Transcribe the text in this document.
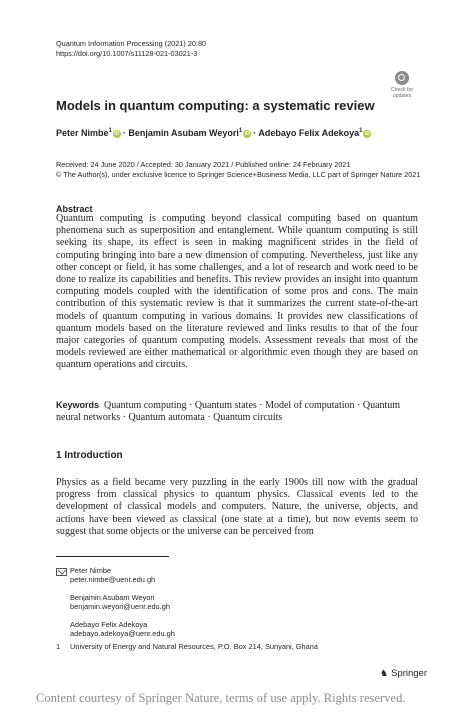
Quantum Information Processing (2021) 20:80
https://doi.org/10.1007/s11128-021-03021-3
Check for
updates
Models in quantum computing: a systematic review
Peter Nimbe$^1$ iD · Benjamin Asubam Weyori$^1$ iD · Adebayo Felix Adekoya$^1$ iD
Received: 24 June 2020 / Accepted: 30 January 2021 / Published online: 24 February 2021
© The Author(s), under exclusive licence to Springer Science+Business Media, LLC part of Springer Nature 2021
Abstract
Quantum computing is computing beyond classical computing based on quantum phenomena such as superposition and entanglement. While quantum computing is still seeking its shape, its effect is seen in making magnificent strides in the field of computing bringing into bare a new dimension of computing. Nevertheless, just like any other concept or field, it has some challenges, and a lot of research and work need to be done to realize its capabilities and benefits. This review provides an insight into quantum computing models coupled with the identification of some pros and cons. The main contribution of this systematic review is that it summarizes the current state-of-the-art models of quantum computing in various domains. It provides new classifications of quantum models based on the literature reviewed and links results to that of the four major categories of quantum computing models. Assessment reveals that most of the models reviewed are either mathematical or algorithmic even though they are based on quantum operations and circuits.
Keywords Quantum computing · Quantum states · Model of computation · Quantum neural networks · Quantum automata · Quantum circuits
1 Introduction
Physics as a field became very puzzling in the early 1900s till now with the gradual progress from classical physics to quantum physics. Classical events led to the development of classical models and computers. Nature, the universe, objects, and actions have been viewed as classical (one state at a time), but now events seem to suggest that some objects or the universe can be perceived from
Peter Nimbe
peter.nimbe@uenr.edu.gh
Benjamin Asubam Weyori
benjamin.weyori@uenr.edu.gh
Adebayo Felix Adekoya
adebayo.adekoya@uenr.edu.gh
1 University of Energy and Natural Resources, P.O. Box 214, Sunyani, Ghana
♞ Springer
Content courtesy of Springer Nature, terms of use apply. Rights reserved.
